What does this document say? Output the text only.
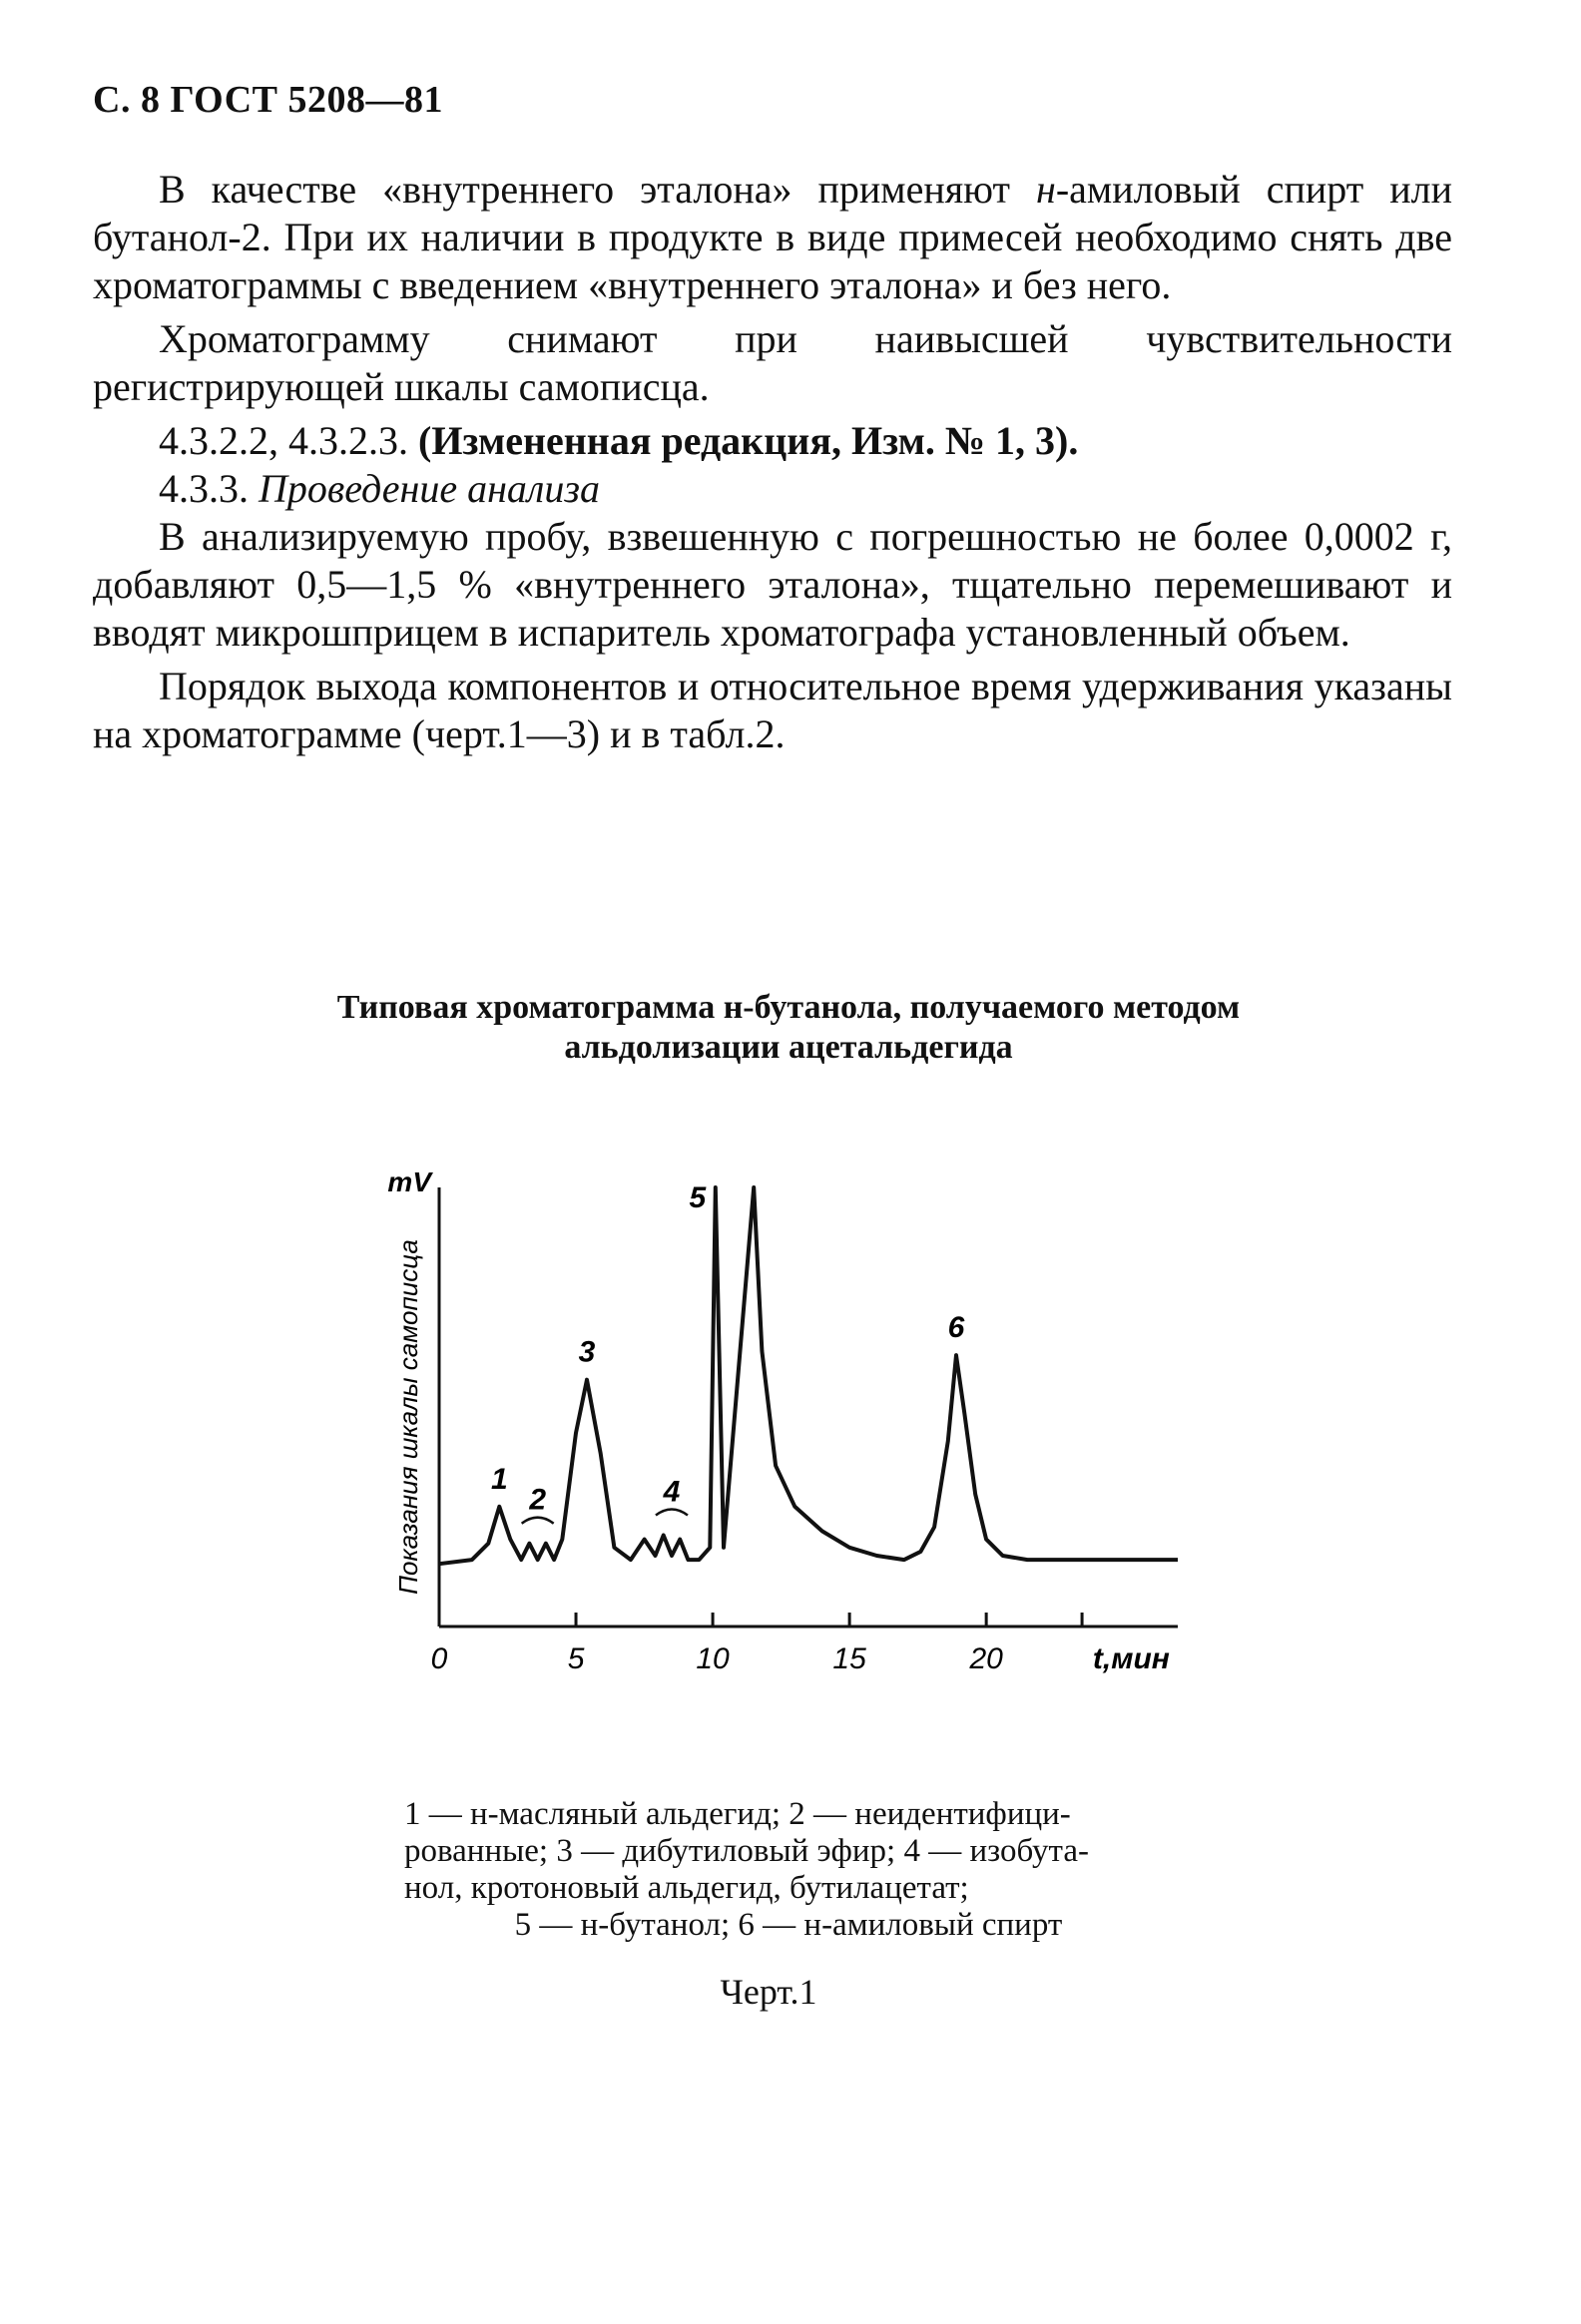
С. 8 ГОСТ 5208—81

В качестве «внутреннего эталона» применяют н-амиловый спирт или бутанол-2. При их наличии в продукте в виде примесей необходимо снять две хроматограммы с введением «внутреннего эталона» и без него.

Хроматограмму снимают при наивысшей чувствительности регистрирующей шкалы самописца.

4.3.2.2, 4.3.2.3. (Измененная редакция, Изм. № 1, 3).

4.3.3. Проведение анализа

В анализируемую пробу, взвешенную с погрешностью не более 0,0002 г, добавляют 0,5—1,5 % «внутреннего эталона», тщательно перемешивают и вводят микрошприцем в испаритель хроматографа установленный объем.

Порядок выхода компонентов и относительное время удерживания указаны на хроматограмме (черт.1—3) и в табл.2.

Типовая хроматограмма н-бутанола, получаемого методом
альдолизации ацетальдегида
0	5	10	15	20	t,мин
mV
Показания шкалы самописца 1
2
3
4
5
6
1 — н-масляный альдегид; 2 — неидентифици-
рованные; 3 — дибутиловый эфир; 4 — изобута-
нол, кротоновый альдегид, бутилацетат;
5 — н-бутанол; 6 — н-амиловый спирт
Черт.1
